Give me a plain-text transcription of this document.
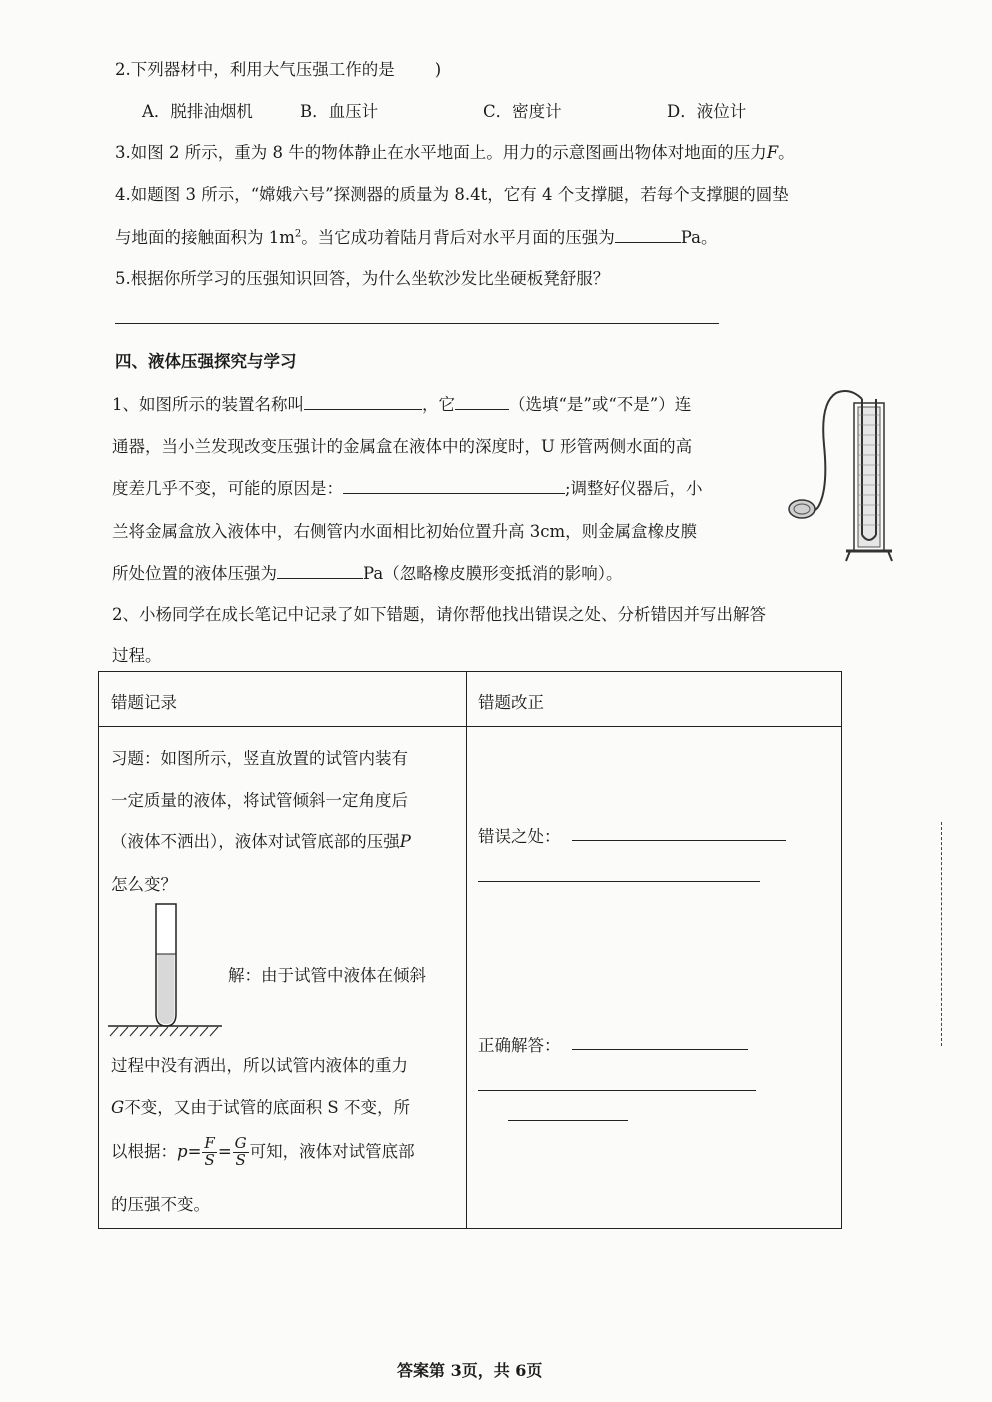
2.下列器材中，利用大气压强工作的是 )
A．脱排油烟机	B．血压计	C．密度计	D．液位计
3.如图 2 所示，重为 8 牛的物体静止在水平地面上。用力的示意图画出物体对地面的压力F。
4.如题图 3 所示，“嫦娥六号”探测器的质量为 8.4t，它有 4 个支撑腿，若每个支撑腿的圆垫
与地面的接触面积为 $1m^2$。当它成功着陆月背后对水平月面的压强为	Pa。
5.根据你所学习的压强知识回答，为什么坐软沙发比坐硬板凳舒服？
四、液体压强探究与学习
1、如图所示的装置名称叫	，它	（选填“是”或“不是”）连
通器，当小兰发现改变压强计的金属盒在液体中的深度时，U 形管两侧水面的高
度差几乎不变，可能的原因是：	;调整好仪器后，小
兰将金属盒放入液体中，右侧管内水面相比初始位置升高 3cm，则金属盒橡皮膜
所处位置的液体压强为	Pa（忽略橡皮膜形变抵消的影响）。
2、小杨同学在成长笔记中记录了如下错题，请你帮他找出错误之处、分析错因并写出解答
过程。
错题记录	错题改正
习题：如图所示，竖直放置的试管内装有
一定质量的液体，将试管倾斜一定角度后
（液体不洒出），液体对试管底部的压强P
怎么变？
解：由于试管中液体在倾斜
过程中没有洒出，所以试管内液体的重力
G不变，又由于试管的底面积 S 不变，所
以根据：$p= \frac{F}{S} = \frac{G}{S}$ 可知，液体对试管底部
的压强不变。
错误之处：
正确解答：
答案第 3页，共 6页
